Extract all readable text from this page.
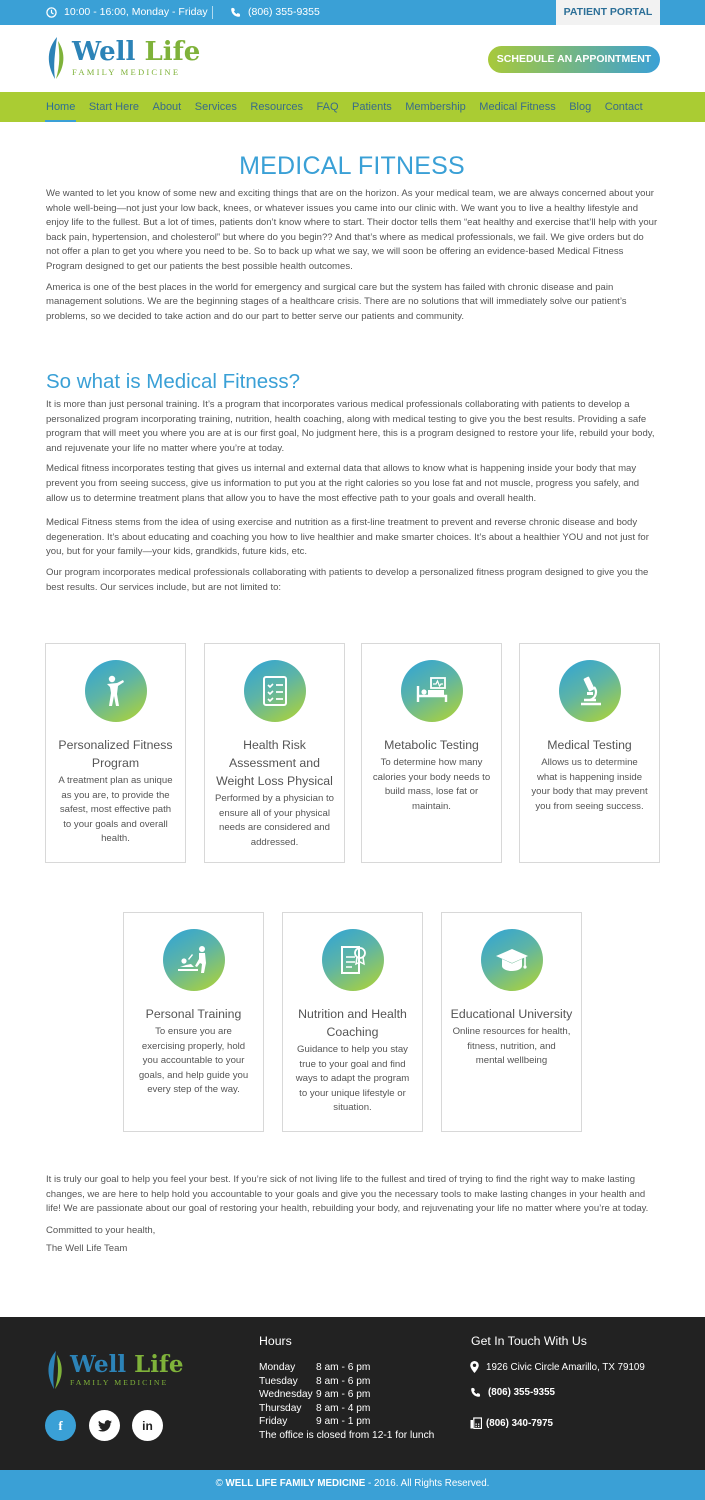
10:00 - 16:00, Monday - Friday	(806) 355-9355	PATIENT PORTAL
Well Life
FAMILY MEDICINE
SCHEDULE AN APPOINTMENT
Home Start Here About Services Resources FAQ Patients Membership Medical Fitness Blog Contact
MEDICAL FITNESS

We wanted to let you know of some new and exciting things that are on the horizon. As your medical team, we are always concerned about your whole well-being—not just your low back, knees, or whatever issues you came into our clinic with. We want you to live a healthy lifestyle and enjoy life to the fullest. But a lot of times, patients don’t know where to start. Their doctor tells them “eat healthy and exercise that’ll help with your back pain, hypertension, and cholesterol” but where do you begin?? And that’s where as medical professionals, we fail. We give orders but do not offer a plan to get you where you need to be. So to back up what we say, we will soon be offering an evidence-based Medical Fitness Program designed to get our patients the best possible health outcomes.

America is one of the best places in the world for emergency and surgical care but the system has failed with chronic disease and pain management solutions. We are the beginning stages of a healthcare crisis. There are no solutions that will immediately solve our patient’s problems, so we decided to take action and do our part to better serve our patients and community.

So what is Medical Fitness?

It is more than just personal training. It’s a program that incorporates various medical professionals collaborating with patients to develop a personalized program incorporating training, nutrition, health coaching, along with medical testing to give you the best results. Providing a safe program that will meet you where you are at is our first goal, No judgment here, this is a program designed to restore your life, rebuild your body, and rejuvenate your life no matter where you’re at today.

Medical fitness incorporates testing that gives us internal and external data that allows to know what is happening inside your body that may prevent you from seeing success, give us information to put you at the right calories so you lose fat and not muscle, progress you safely, and allow us to determine treatment plans that allow you to have the most effective path to your goals and overall health.

Medical Fitness stems from the idea of using exercise and nutrition as a first-line treatment to prevent and reverse chronic disease and body degeneration. It’s about educating and coaching you how to live healthier and make smarter choices. It’s about a healthier YOU and not just for you, but for your family—your kids, grandkids, future kids, etc.

Our program incorporates medical professionals collaborating with patients to develop a personalized fitness program designed to give you the best results. Our services include, but are not limited to:

Personalized Fitness Program
A treatment plan as unique as you are, to provide the safest, most effective path to your goals and overall health.
Health Risk Assessment and Weight Loss Physical
Performed by a physician to ensure all of your physical needs are considered and addressed.
Metabolic Testing
To determine how many calories your body needs to build mass, lose fat or maintain.
Medical Testing
Allows us to determine what is happening inside your body that may prevent you from seeing success.
Personal Training
To ensure you are exercising properly, hold you accountable to your goals, and help guide you every step of the way.
Nutrition and Health Coaching
Guidance to help you stay true to your goal and find ways to adapt the program to your unique lifestyle or situation.
Educational University
Online resources for health, fitness, nutrition, and mental wellbeing

It is truly our goal to help you feel your best. If you’re sick of not living life to the fullest and tired of trying to find the right way to make lasting changes, we are here to help hold you accountable to your goals and give you the necessary tools to make lasting changes in your health and life! We are passionate about our goal of restoring your health, rebuilding your body, and rejuvenating your life no matter where you’re at today.

Committed to your health,

The Well Life Team

Well Life
FAMILY MEDICINE
f	in
Hours
Monday 8 am - 6 pm
Tuesday 8 am - 6 pm
Wednesday 9 am - 6 pm
Thursday 8 am - 4 pm
Friday	9 am - 1 pm
The office is closed from 12-1 for lunch
Get In Touch With Us
1926 Civic Circle Amarillo, TX 79109
(806) 355-9355
(806) 340-7975
© WELL LIFE FAMILY MEDICINE - 2016. All Rights Reserved.
